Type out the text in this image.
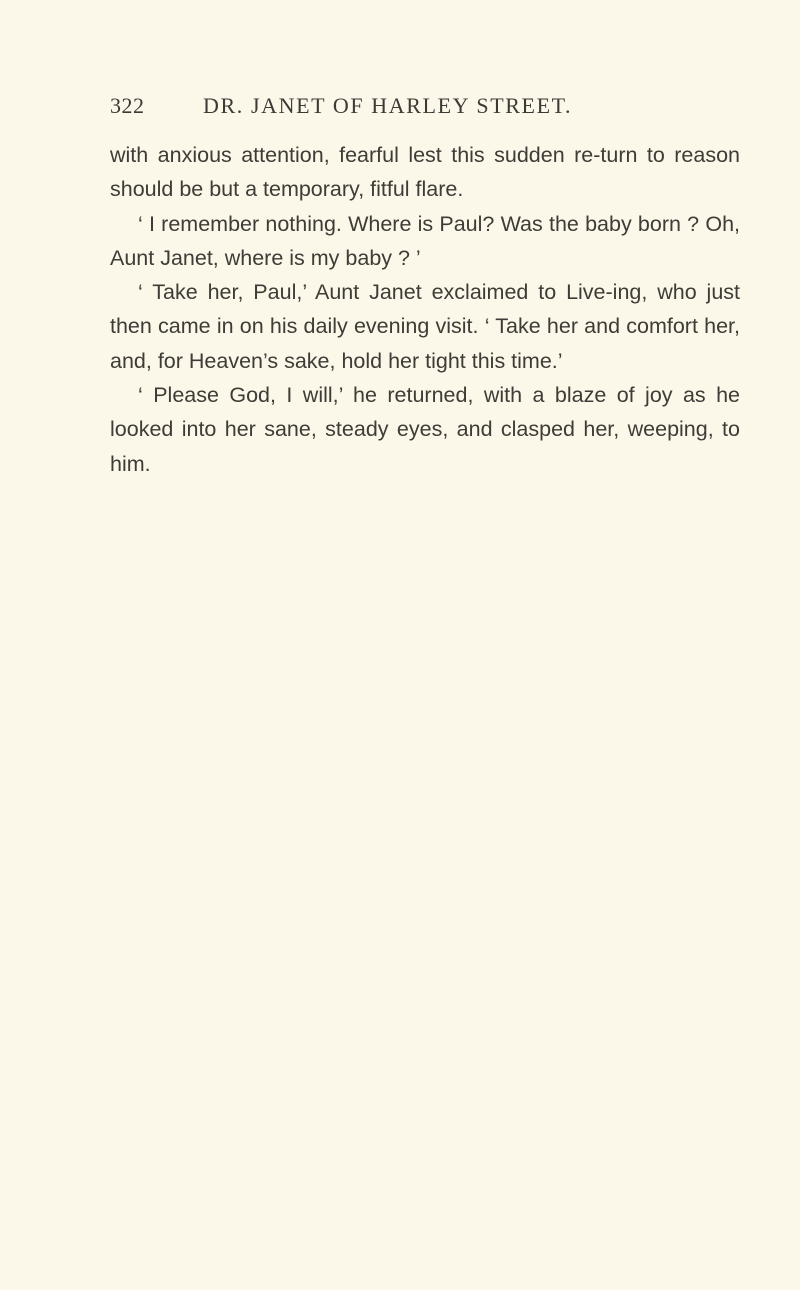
322	DR. JANET OF HARLEY STREET.

with anxious attention, fearful lest this sudden re-turn to reason should be but a temporary, fitful flare.

‘ I remember nothing. Where is Paul? Was the baby born ? Oh, Aunt Janet, where is my baby ? ’

‘ Take her, Paul,’ Aunt Janet exclaimed to Live-ing, who just then came in on his daily evening visit. ‘ Take her and comfort her, and, for Heaven’s sake, hold her tight this time.’

‘ Please God, I will,’ he returned, with a blaze of joy as he looked into her sane, steady eyes, and clasped her, weeping, to him.
